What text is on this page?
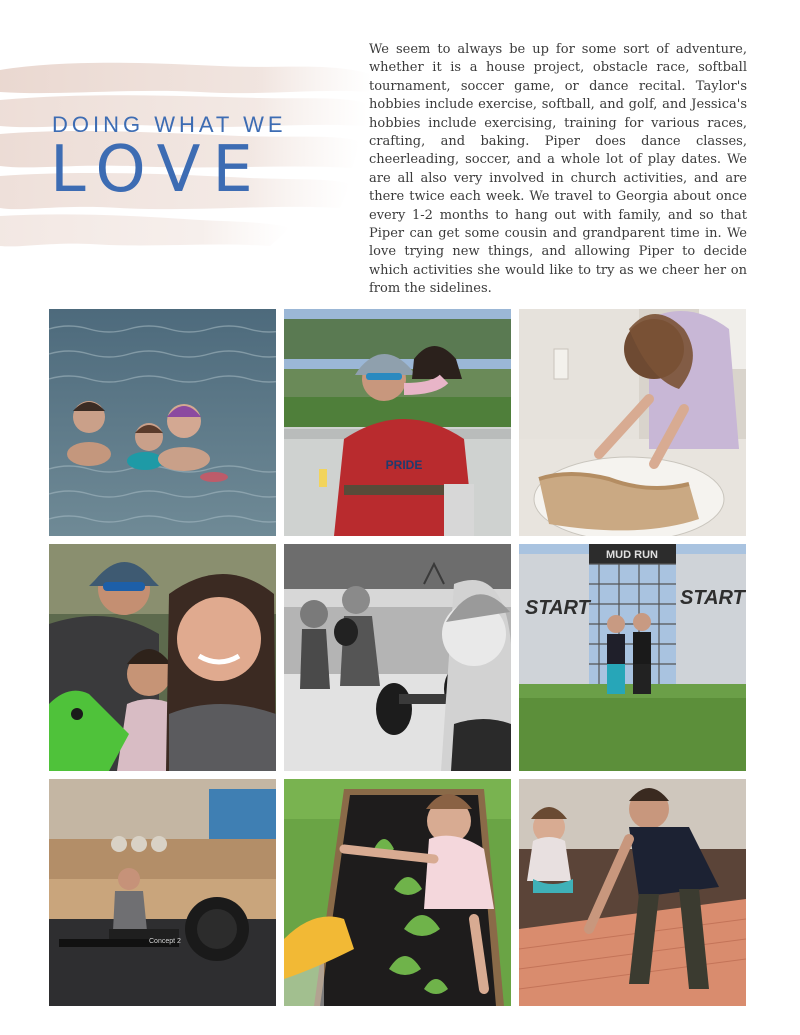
DOING WHAT WE
LOVE

We seem to always be up for some sort of adventure, whether it is a house project, obstacle race, softball tournament, soccer game, or dance recital. Taylor's hobbies include exercise, softball, and golf, and Jessica's hobbies include exercising, training for various races, crafting, and baking. Piper does dance classes, cheerleading, soccer, and a whole lot of play dates. We are all also very involved in church activities, and are there twice each week. We travel to Georgia about once every 1-2 months to hang out with family, and so that Piper can get some cousin and grandparent time in. We love trying new things, and allowing Piper to decide which activities she would like to try as we cheer her on from the sidelines.

PRIDE
MUD RUN
START	START
Concept 2
